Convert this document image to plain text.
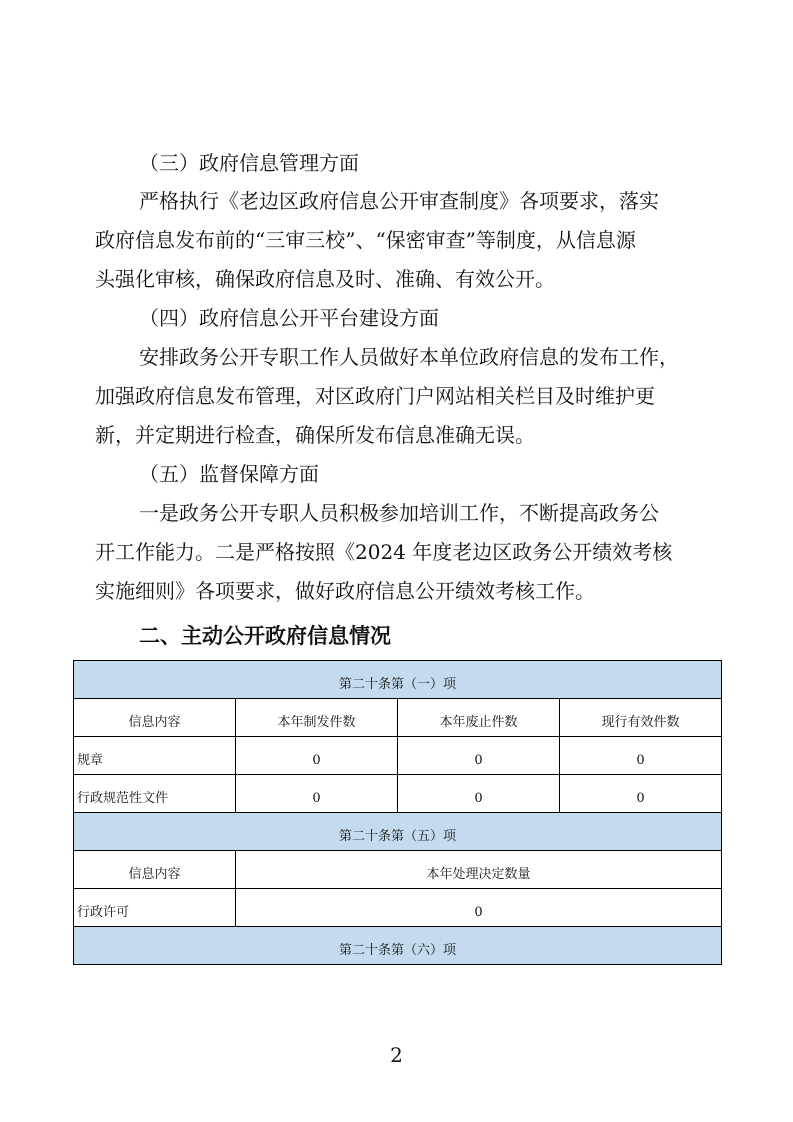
（三）政府信息管理方面
严格执行《老边区政府信息公开审查制度》各项要求，落实
政府信息发布前的“三审三校”、“保密审查”等制度，从信息源
头强化审核，确保政府信息及时、准确、有效公开。
（四）政府信息公开平台建设方面
安排政务公开专职工作人员做好本单位政府信息的发布工作，
加强政府信息发布管理，对区政府门户网站相关栏目及时维护更
新，并定期进行检查，确保所发布信息准确无误。
（五）监督保障方面
一是政务公开专职人员积极参加培训工作，不断提高政务公
开工作能力。二是严格按照《2024 年度老边区政务公开绩效考核
实施细则》各项要求，做好政府信息公开绩效考核工作。
二、主动公开政府信息情况
第二十条第（一）项			
信息内容	本年制发件数	本年废止件数	现行有效件数
规章	0	0	0
行政规范性文件	0	0	0
第二十条第（五）项			
信息内容	本年处理决定数量		
行政许可	0		
第二十条第（六）项			
2
